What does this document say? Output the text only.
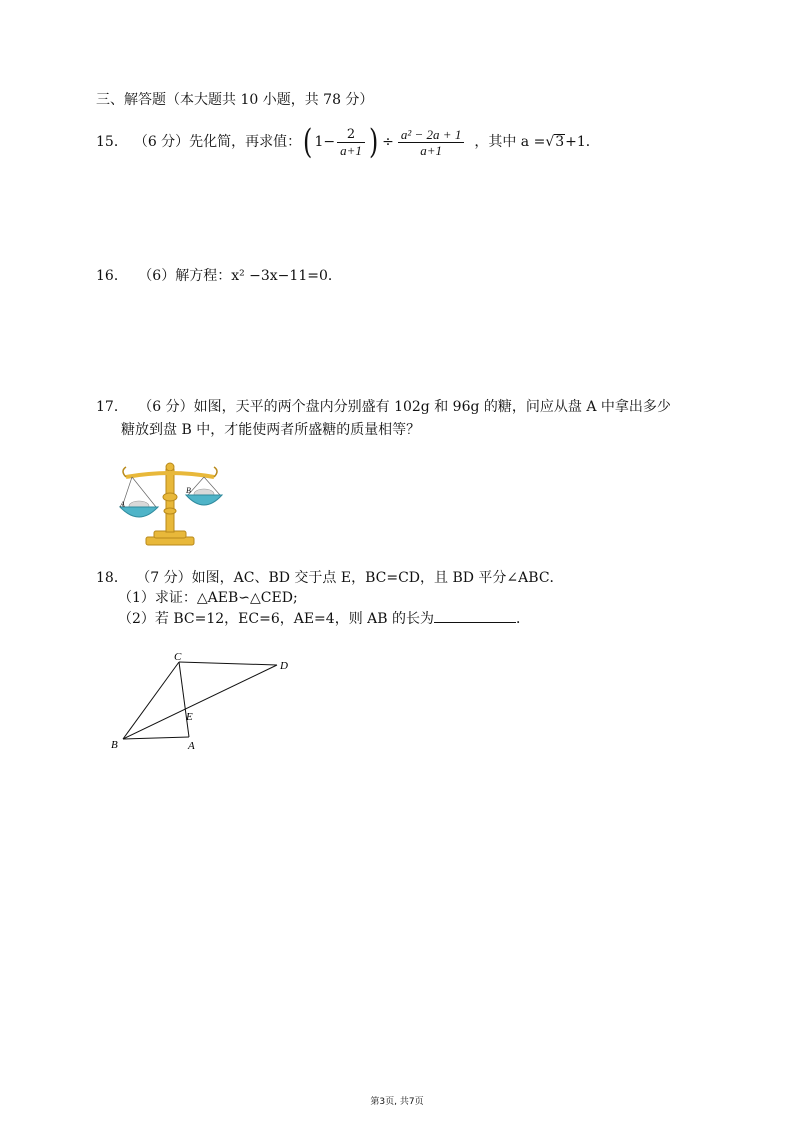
三、解答题（本大题共 10 小题，共 78 分）
15． （6 分）先化简，再求值： ( $1- \frac{2}{a+1}$ ) ÷ $\frac{\text{a² − 2a + 1}}{a+1}$ ，其中 a = √ 3 +1．
16． （6）解方程：x² −3x−11=0．
17． （6 分）如图，天平的两个盘内分别盛有 102g 和 96g 的糖，问应从盘 A 中拿出多少
糖放到盘 B 中，才能使两者所盛糖的质量相等？
A
B
18． （7 分）如图，AC、BD 交于点 E，BC=CD，且 BD 平分∠ABC．
（1）求证：△AEB∽△CED;
（2）若 BC=12，EC=6，AE=4，则 AB 的长为	．
C
D
E
B	A
第3页, 共7页
